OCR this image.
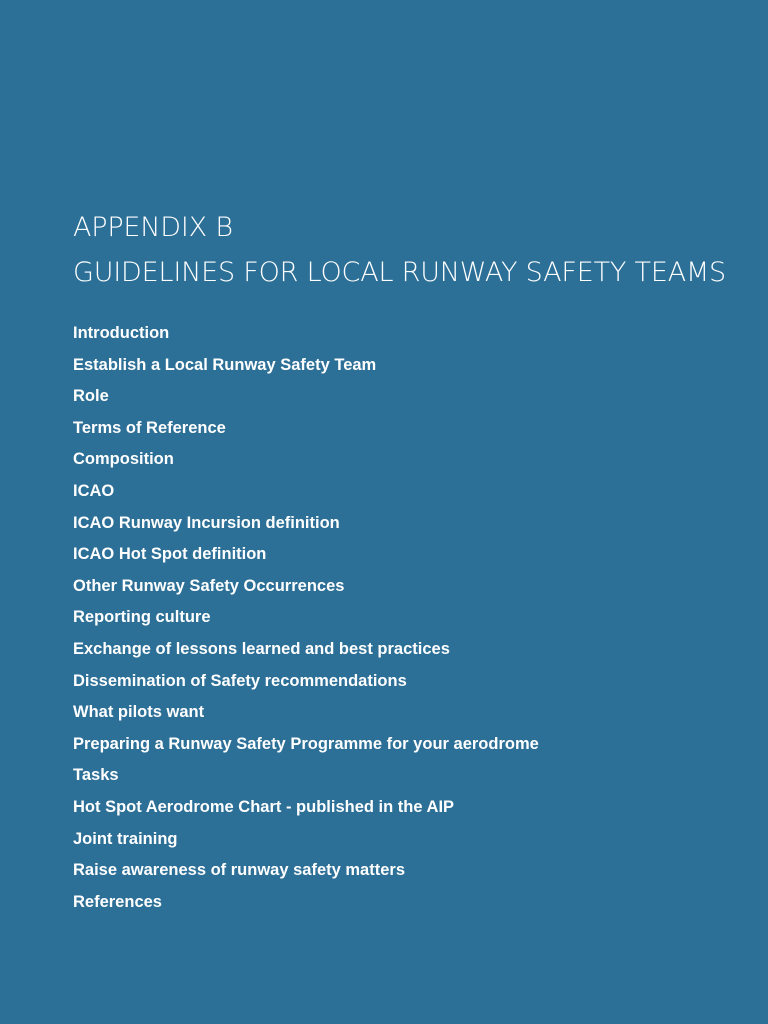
APPENDIX B
GUIDELINES FOR LOCAL RUNWAY SAFETY TEAMS
Introduction
Establish a Local Runway Safety Team
Role
Terms of Reference
Composition
ICAO
ICAO Runway Incursion definition
ICAO Hot Spot definition
Other Runway Safety Occurrences
Reporting culture
Exchange of lessons learned and best practices
Dissemination of Safety recommendations
What pilots want
Preparing a Runway Safety Programme for your aerodrome
Tasks
Hot Spot Aerodrome Chart - published in the AIP
Joint training
Raise awareness of runway safety matters
References
